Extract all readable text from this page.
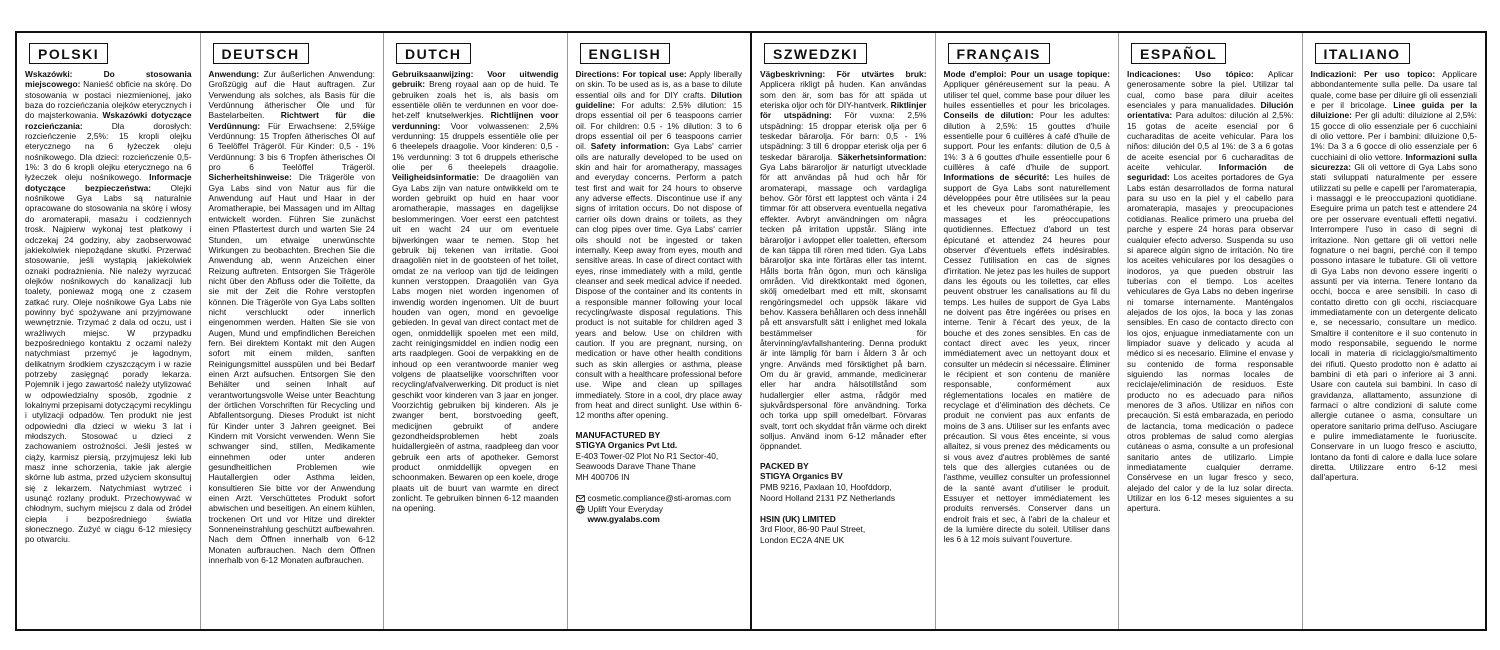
POLSKI

Wskazówki: Do stosowania miejscowego: Nanieść obficie na skórę. Do stosowania w postaci niezmienionej, jako baza do rozcieńczania olejków eterycznych i do majsterkowania. Wskazówki dotyczące rozcieńczania: Dla dorosłych: rozcieńczenie 2,5%: 15 kropli olejku eterycznego na 6 łyżeczek oleju nośnikowego. Dla dzieci: rozcieńczenie 0,5-1%: 3 do 6 kropli olejku eterycznego na 6 łyżeczek oleju nośnikowego. Informacje dotyczące bezpieczeństwa: Olejki nośnikowe Gya Labs są naturalnie opracowane do stosowania na skórę i włosy do aromaterapii, masażu i codziennych trosk. Najpierw wykonaj test płatkowy i odczekaj 24 godziny, aby zaobserwować jakiekolwiek niepożądane skutki. Przerwać stosowanie, jeśli wystąpią jakiekolwiek oznaki podrażnienia. Nie należy wyrzucać olejków nośnikowych do kanalizacji lub toalety, ponieważ mogą one z czasem zatkać rury. Oleje nośnikowe Gya Labs nie powinny być spożywane ani przyjmowane wewnętrznie. Trzymać z dala od oczu, ust i wrażliwych miejsc. W przypadku bezpośredniego kontaktu z oczami należy natychmiast przemyć je łagodnym, delikatnym środkiem czyszczącym i w razie potrzeby zasięgnąć porady lekarza. Pojemnik i jego zawartość należy utylizować w odpowiedzialny sposób, zgodnie z lokalnymi przepisami dotyczącymi recyklingu i utylizacji odpadów. Ten produkt nie jest odpowiedni dla dzieci w wieku 3 lat i młodszych. Stosować u dzieci z zachowaniem ostrożności. Jeśli jesteś w ciąży, karmisz piersią, przyjmujesz leki lub masz inne schorzenia, takie jak alergie skórne lub astma, przed użyciem skonsultuj się z lekarzem. Natychmiast wytrzeć i usunąć rozlany produkt. Przechowywać w chłodnym, suchym miejscu z dala od źródeł ciepła i bezpośredniego światła słonecznego. Zużyć w ciągu 6-12 miesięcy po otwarciu.

DEUTSCH

Anwendung: Zur äußerlichen Anwendung: Großzügig auf die Haut auftragen. Zur Verwendung als solches, als Basis für die Verdünnung ätherischer Öle und für Bastelarbeiten. Richtwert für die Verdünnung: Für Erwachsene: 2,5%ige Verdünnung: 15 Tropfen ätherisches Öl auf 6 Teelöffel Trägeröl. Für Kinder: 0,5 - 1% Verdünnung: 3 bis 6 Tropfen ätherisches Öl pro 6 Teelöffel Trägeröl. Sicherheitshinweise: Die Trägeröle von Gya Labs sind von Natur aus für die Anwendung auf Haut und Haar in der Aromatherapie, bei Massagen und im Alltag entwickelt worden. Führen Sie zunächst einen Pflastertest durch und warten Sie 24 Stunden, um etwaige unerwünschte Wirkungen zu beobachten. Brechen Sie die Anwendung ab, wenn Anzeichen einer Reizung auftreten. Entsorgen Sie Trägeröle nicht über den Abfluss oder die Toilette, da sie mit der Zeit die Rohre verstopfen können. Die Trägeröle von Gya Labs sollten nicht verschluckt oder innerlich eingenommen werden. Halten Sie sie von Augen, Mund und empfindlichen Bereichen fern. Bei direktem Kontakt mit den Augen sofort mit einem milden, sanften Reinigungsmittel ausspülen und bei Bedarf einen Arzt aufsuchen. Entsorgen Sie den Behälter und seinen Inhalt auf verantwortungsvolle Weise unter Beachtung der örtlichen Vorschriften für Recycling und Abfallentsorgung. Dieses Produkt ist nicht für Kinder unter 3 Jahren geeignet. Bei Kindern mit Vorsicht verwenden. Wenn Sie schwanger sind, stillen, Medikamente einnehmen oder unter anderen gesundheitlichen Problemen wie Hautallergien oder Asthma leiden, konsultieren Sie bitte vor der Anwendung einen Arzt. Verschüttetes Produkt sofort abwischen und beseitigen. An einem kühlen, trockenen Ort und vor Hitze und direkter Sonneneinstrahlung geschützt aufbewahren. Nach dem Öffnen innerhalb von 6-12 Monaten aufbrauchen. Nach dem Öffnen innerhalb von 6-12 Monaten aufbrauchen.

DUTCH

Gebruiksaanwijzing: Voor uitwendig gebruik: Breng royaal aan op de huid. Te gebruiken zoals het is, als basis om essentiële oliën te verdunnen en voor doe-het-zelf knutselwerkjes. Richtlijnen voor verdunning: Voor volwassenen: 2,5% verdunning: 15 druppels essentiële olie per 6 theelepels draagolie. Voor kinderen: 0,5 - 1% verdunning: 3 tot 6 druppels etherische olie per 6 theelepels draagolie. Veiligheidsinformatie: De draagoliën van Gya Labs zijn van nature ontwikkeld om te worden gebruikt op huid en haar voor aromatherapie, massages en dagelijkse beslommeringen. Voer eerst een patchtest uit en wacht 24 uur om eventuele bijwerkingen waar te nemen. Stop het gebruik bij tekenen van irritatie. Gooi draagoliën niet in de gootsteen of het toilet, omdat ze na verloop van tijd de leidingen kunnen verstoppen. Draagoliën van Gya Labs mogen niet worden ingenomen of inwendig worden ingenomen. Uit de buurt houden van ogen, mond en gevoelige gebieden. In geval van direct contact met de ogen, onmiddellijk spoelen met een mild, zacht reinigingsmiddel en indien nodig een arts raadplegen. Gooi de verpakking en de inhoud op een verantwoorde manier weg volgens de plaatselijke voorschriften voor recycling/afvalverwerking. Dit product is niet geschikt voor kinderen van 3 jaar en jonger. Voorzichtig gebruiken bij kinderen. Als je zwanger bent, borstvoeding geeft, medicijnen gebruikt of andere gezondheidsproblemen hebt zoals huidallergieën of astma, raadpleeg dan voor gebruik een arts of apotheker. Gemorst product onmiddellijk opvegen en schoonmaken. Bewaren op een koele, droge plaats uit de buurt van warmte en direct zonlicht. Te gebruiken binnen 6-12 maanden na opening.

ENGLISH

Directions: For topical use: Apply liberally on skin. To be used as is, as a base to dilute essential oils and for DIY crafts. Dilution guideline: For adults: 2.5% dilution: 15 drops essential oil per 6 teaspoons carrier oil. For children: 0.5 - 1% dilution: 3 to 6 drops essential oil per 6 teaspoons carrier oil. Safety information: Gya Labs' carrier oils are naturally developed to be used on skin and hair for aromatherapy, massages and everyday concerns. Perform a patch test first and wait for 24 hours to observe any adverse effects. Discontinue use if any signs of irritation occurs. Do not dispose of carrier oils down drains or toilets, as they can clog pipes over time. Gya Labs' carrier oils should not be ingested or taken internally. Keep away from eyes, mouth and sensitive areas. In case of direct contact with eyes, rinse immediately with a mild, gentle cleanser and seek medical advice if needed. Dispose of the container and its contents in a responsible manner following your local recycling/waste disposal regulations. This product is not suitable for children aged 3 years and below. Use on children with caution. If you are pregnant, nursing, on medication or have other health conditions such as skin allergies or asthma, please consult with a healthcare professional before use. Wipe and clean up spillages immediately. Store in a cool, dry place away from heat and direct sunlight. Use within 6-12 months after opening.

MANUFACTURED BY
STIGYA Organics Pvt Ltd.
E-403 Tower-02 Plot No R1 Sector-40,
Seawoods Darave Thane Thane
MH 400706 IN

cosmetic.compliance@sti-aromas.com
Uplift Your Everyday
www.gyalabs.com
SZWEDZKI

Vägbeskrivning: För utvärtes bruk: Applicera rikligt på huden. Kan användas som den är, som bas för att späda ut eteriska oljor och för DIY-hantverk. Riktlinjer för utspädning: För vuxna: 2,5% utspädning: 15 droppar eterisk olja per 6 teskedar bärarolja. För barn: 0,5 - 1% utspädning: 3 till 6 droppar eterisk olja per 6 teskedar bärarolja. Säkerhetsinformation: Gya Labs bäraroljor är naturligt utvecklade för att användas på hud och hår för aromaterapi, massage och vardagliga behov. Gör först ett lapptest och vänta i 24 timmar för att observera eventuella negativa effekter. Avbryt användningen om några tecken på irritation uppstår. Släng inte bäraroljor i avloppet eller toaletten, eftersom de kan täppa till rören med tiden. Gya Labs bäraroljor ska inte förtäras eller tas internt. Hålls borta från ögon, mun och känsliga områden. Vid direktkontakt med ögonen, skölj omedelbart med ett milt, skonsamt rengöringsmedel och uppsök läkare vid behov. Kassera behållaren och dess innehåll på ett ansvarsfullt sätt i enlighet med lokala bestämmelser för återvinning/avfallshantering. Denna produkt är inte lämplig för barn i åldern 3 år och yngre. Används med försiktighet på barn. Om du är gravid, ammande, medicinerar eller har andra hälsotillstånd som hudallergier eller astma, rådgör med sjukvårdspersonal före användning. Torka och torka upp spill omedelbart. Förvaras svalt, torrt och skyddat från värme och direkt solljus. Använd inom 6-12 månader efter öppnandet.

PACKED BY
STIGYA Organics BV
PMB 9216, Paxlaan 10, Hoofddorp,
Noord Holland 2131 PZ Netherlands

HSIN (UK) LIMITED
3rd Floor, 86-90 Paul Street,
London EC2A 4NE UK
FRANÇAIS

Mode d'emploi: Pour un usage topique: Appliquer généreusement sur la peau. A utiliser tel quel, comme base pour diluer les huiles essentielles et pour les bricolages. Conseils de dilution: Pour les adultes: dilution à 2,5%: 15 gouttes d'huile essentielle pour 6 cuillères à café d'huile de support. Pour les enfants: dilution de 0,5 à 1%: 3 à 6 gouttes d'huile essentielle pour 6 cuillères à café d'huile de support. Informations de sécurité: Les huiles de support de Gya Labs sont naturellement développées pour être utilisées sur la peau et les cheveux pour l'aromathérapie, les massages et les préoccupations quotidiennes. Effectuez d'abord un test épicutané et attendez 24 heures pour observer d'éventuels effets indésirables. Cessez l'utilisation en cas de signes d'irritation. Ne jetez pas les huiles de support dans les égouts ou les toilettes, car elles peuvent obstruer les canalisations au fil du temps. Les huiles de support de Gya Labs ne doivent pas être ingérées ou prises en interne. Tenir à l'écart des yeux, de la bouche et des zones sensibles. En cas de contact direct avec les yeux, rincer immédiatement avec un nettoyant doux et consulter un médecin si nécessaire. Éliminer le récipient et son contenu de manière responsable, conformément aux réglementations locales en matière de recyclage et d'élimination des déchets. Ce produit ne convient pas aux enfants de moins de 3 ans. Utiliser sur les enfants avec précaution. Si vous êtes enceinte, si vous allaitez, si vous prenez des médicaments ou si vous avez d'autres problèmes de santé tels que des allergies cutanées ou de l'asthme, veuillez consulter un professionnel de la santé avant d'utiliser le produit. Essuyer et nettoyer immédiatement les produits renversés. Conserver dans un endroit frais et sec, à l'abri de la chaleur et de la lumière directe du soleil. Utiliser dans les 6 à 12 mois suivant l'ouverture.

ESPAÑOL

Indicaciones: Uso tópico: Aplicar generosamente sobre la piel. Utilizar tal cual, como base para diluir aceites esenciales y para manualidades. Dilución orientativa: Para adultos: dilución al 2,5%: 15 gotas de aceite esencial por 6 cucharaditas de aceite vehicular. Para los niños: dilución del 0,5 al 1%: de 3 a 6 gotas de aceite esencial por 6 cucharaditas de aceite vehicular. Información de seguridad: Los aceites portadores de Gya Labs están desarrollados de forma natural para su uso en la piel y el cabello para aromaterapia, masajes y preocupaciones cotidianas. Realice primero una prueba del parche y espere 24 horas para observar cualquier efecto adverso. Suspenda su uso si aparece algún signo de irritación. No tire los aceites vehiculares por los desagües o inodoros, ya que pueden obstruir las tuberías con el tiempo. Los aceites vehiculares de Gya Labs no deben ingerirse ni tomarse internamente. Manténgalos alejados de los ojos, la boca y las zonas sensibles. En caso de contacto directo con los ojos, enjuague inmediatamente con un limpiador suave y delicado y acuda al médico si es necesario. Elimine el envase y su contenido de forma responsable siguiendo las normas locales de reciclaje/eliminación de residuos. Este producto no es adecuado para niños menores de 3 años. Utilizar en niños con precaución. Si está embarazada, en periodo de lactancia, toma medicación o padece otros problemas de salud como alergias cutáneas o asma, consulte a un profesional sanitario antes de utilizarlo. Limpie inmediatamente cualquier derrame. Consérvese en un lugar fresco y seco, alejado del calor y de la luz solar directa. Utilizar en los 6-12 meses siguientes a su apertura.

ITALIANO

Indicazioni: Per uso topico: Applicare abbondantemente sulla pelle. Da usare tal quale, come base per diluire gli oli essenziali e per il bricolage. Linee guida per la diluizione: Per gli adulti: diluizione al 2,5%: 15 gocce di olio essenziale per 6 cucchiaini di olio vettore. Per i bambini: diluizione 0,5-1%: Da 3 a 6 gocce di olio essenziale per 6 cucchiaini di olio vettore. Informazioni sulla sicurezza: Gli oli vettore di Gya Labs sono stati sviluppati naturalmente per essere utilizzati su pelle e capelli per l'aromaterapia, i massaggi e le preoccupazioni quotidiane. Eseguire prima un patch test e attendere 24 ore per osservare eventuali effetti negativi. Interrompere l'uso in caso di segni di irritazione. Non gettare gli oli vettori nelle fognature o nei bagni, perché con il tempo possono intasare le tubature. Gli oli vettore di Gya Labs non devono essere ingeriti o assunti per via interna. Tenere lontano da occhi, bocca e aree sensibili. In caso di contatto diretto con gli occhi, risciacquare immediatamente con un detergente delicato e, se necessario, consultare un medico. Smaltire il contenitore e il suo contenuto in modo responsabile, seguendo le norme locali in materia di riciclaggio/smaltimento dei rifiuti. Questo prodotto non è adatto ai bambini di età pari o inferiore ai 3 anni. Usare con cautela sui bambini. In caso di gravidanza, allattamento, assunzione di farmaci o altre condizioni di salute come allergie cutanee o asma, consultare un operatore sanitario prima dell'uso. Asciugare e pulire immediatamente le fuoriuscite. Conservare in un luogo fresco e asciutto, lontano da fonti di calore e dalla luce solare diretta. Utilizzare entro 6-12 mesi dall'apertura.
